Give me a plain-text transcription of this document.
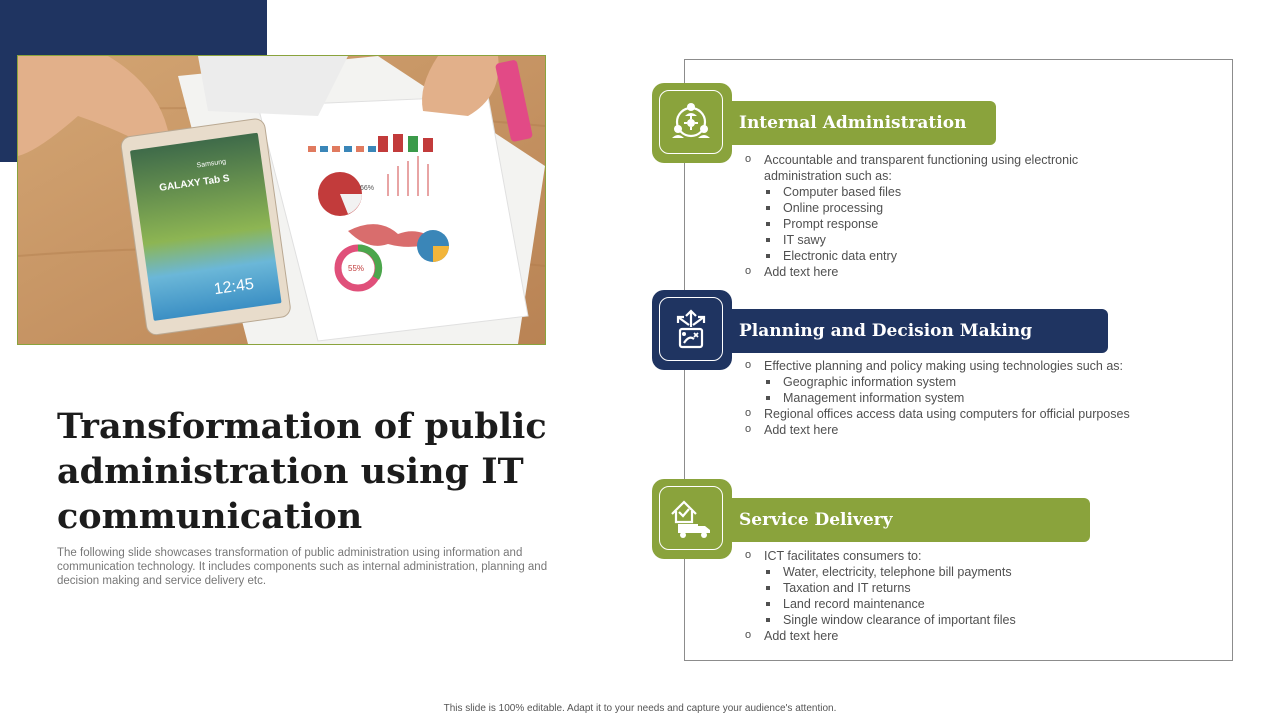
66%
55%
Samsung
GALAXY Tab S
12:45
Transformation of public administration using IT communication

The following slide showcases transformation of public administration using information and communication technology. It includes components such as internal administration, planning and decision making and service delivery etc.

Internal Administration
o Accountable and transparent functioning using electronic
administration such as:
Computer based files
Online processing
Prompt response
IT sawy
Electronic data entry
o Add text here
Planning and Decision Making
o Effective planning and policy making using technologies such as:
Geographic information system
Management information system
o Regional offices access data using computers for official purposes
o Add text here
Service Delivery
o ICT facilitates consumers to:
Water, electricity, telephone bill payments
Taxation and IT returns
Land record maintenance
Single window clearance of important files
o Add text here
This slide is 100% editable. Adapt it to your needs and capture your audience's attention.
